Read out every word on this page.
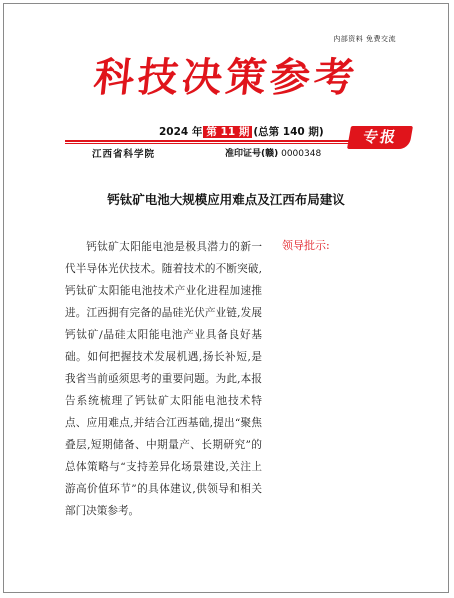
内部资料 免费交流
科技决策参考
2024 年 第 11 期 (总第 140 期)	专报
江西省科学院	准印证号(赣) 0000348
钙钛矿电池大规模应用难点及江西布局建议

钙钛矿太阳能电池是极具潜力的新一代半导体光伏技术。随着技术的不断突破,钙钛矿太阳能电池技术产业化进程加速推进。江西拥有完备的晶硅光伏产业链,发展钙钛矿/晶硅太阳能电池产业具备良好基础。如何把握技术发展机遇,扬长补短,是我省当前亟须思考的重要问题。为此,本报告系统梳理了钙钛矿太阳能电池技术特点、应用难点,并结合江西基础,提出“聚焦叠层,短期储备、中期量产、长期研究”的总体策略与“支持差异化场景建设,关注上游高价值环节”的具体建议,供领导和相关部门决策参考。

领导批示:
